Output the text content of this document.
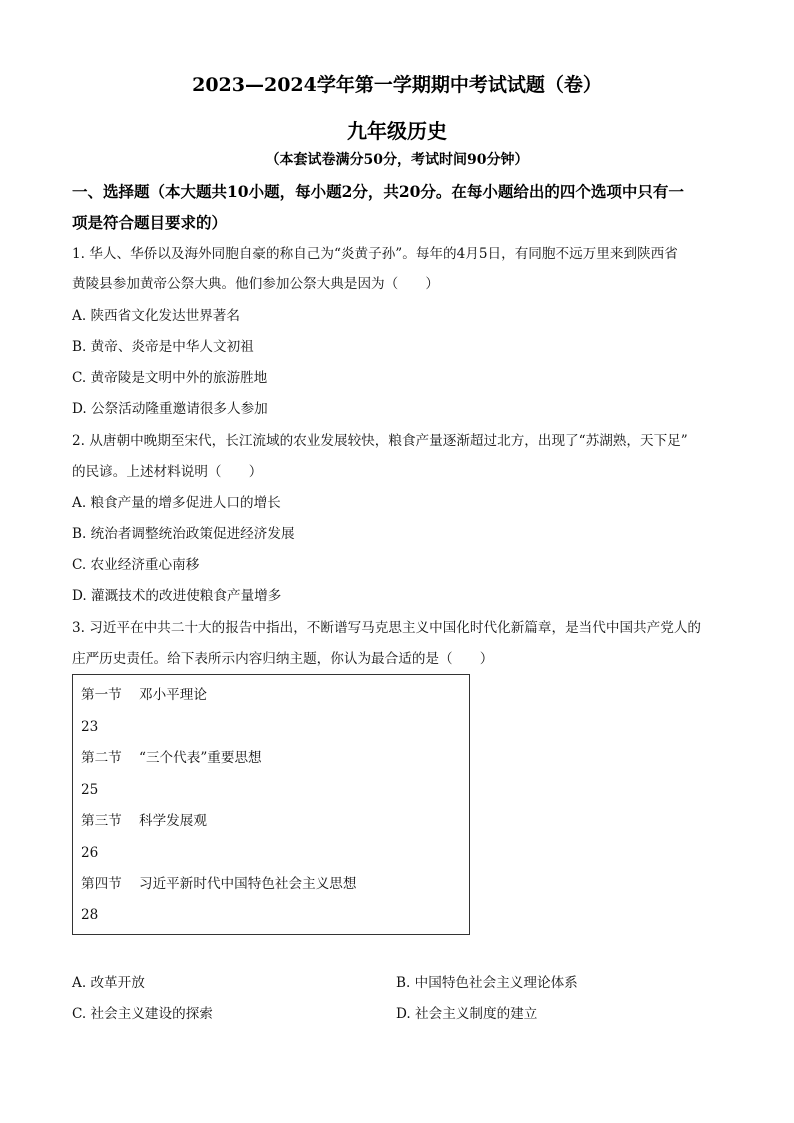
2023—2024学年第一学期期中考试试题（卷）
九年级历史
（本套试卷满分50分，考试时间90分钟）
一、选择题（本大题共10小题，每小题2分，共20分。在每小题给出的四个选项中只有一
项是符合题目要求的）
1. 华人、华侨以及海外同胞自豪的称自己为“炎黄子孙”。每年的4月5日，有同胞不远万里来到陕西省
黄陵县参加黄帝公祭大典。他们参加公祭大典是因为（　　）
A. 陕西省文化发达世界著名
B. 黄帝、炎帝是中华人文初祖
C. 黄帝陵是文明中外的旅游胜地
D. 公祭活动隆重邀请很多人参加
2. 从唐朝中晚期至宋代，长江流域的农业发展较快，粮食产量逐渐超过北方，出现了“苏湖熟，天下足”
的民谚。上述材料说明（　　）
A. 粮食产量的增多促进人口的增长
B. 统治者调整统治政策促进经济发展
C. 农业经济重心南移
D. 灌溉技术的改进使粮食产量增多
3. 习近平在中共二十大的报告中指出，不断谱写马克思主义中国化时代化新篇章，是当代中国共产党人的
庄严历史责任。给下表所示内容归纳主题，你认为最合适的是（　　）
第一节 邓小平理论
23
第二节 “三个代表”重要思想
25
第三节 科学发展观
26
第四节 习近平新时代中国特色社会主义思想
28
A. 改革开放	B. 中国特色社会主义理论体系
C. 社会主义建设的探索	D. 社会主义制度的建立
